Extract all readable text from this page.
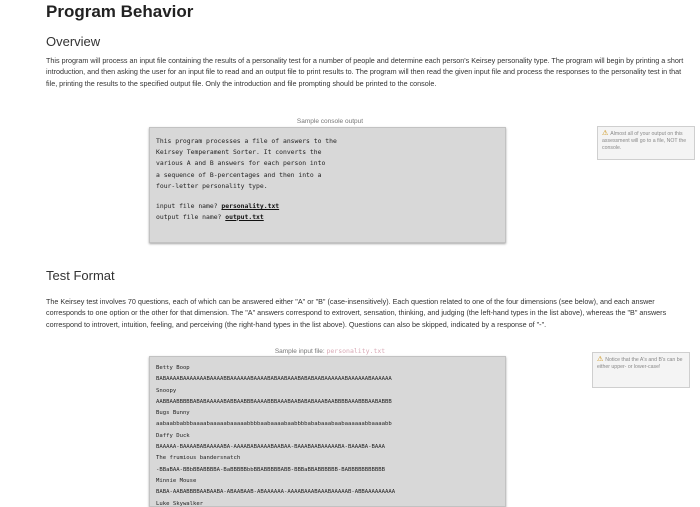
Program Behavior
Overview
This program will process an input file containing the results of a personality test for a number of people and determine each person's Keirsey personality type. The program will begin by printing a short introduction, and then asking the user for an input file to read and an output file to print results to. The program will then read the given input file and process the responses to the personality test in that file, printing the results to the specified output file. Only the introduction and file prompting should be printed to the console.
Sample console output
This program processes a file of answers to the
Keirsey Temperament Sorter. It converts the
various A and B answers for each person into
a sequence of B-percentages and then into a
four-letter personality type.
input file name? personality.txt
output file name? output.txt
⚠ Almost all of your output on this assessment will go to a file, NOT the console.
Test Format
The Keirsey test involves 70 questions, each of which can be answered either "A" or "B" (case-insensitively). Each question related to one of the four dimensions (see below), and each answer corresponds to one option or the other for that dimension. The "A" answers correspond to extrovert, sensation, thinking, and judging (the left-hand types in the list above), whereas the "B" answers correspond to introvert, intuition, feeling, and perceiving (the right-hand types in the list above). Questions can also be skipped, indicated by a response of "-".
Sample input file: personality.txt
Betty Boop
BABAAAABAAAAAAABAAAABBAAAAAABAAAABABAABAAABABABAABAAAAAABAAAAAABAAAAAA
Snoopy
AABBAABBBBBABABAAAAABABBAABBBAAAABBBAAABAABABABAAABAABBBBAAABBBAABABBB
Bugs Bunny
aabaabbabbbaaaabaaaaabaaaaabbbbaabaaaabaabbbbababaaabaabaaaaaabbaaaabb
Daffy Duck
BAAAAA-BAAAABABAAAAABA-AAAABABAAAABAABAA-BAAABAABAAAAABA-BAAABA-BAAA
The frumious bandersnatch
-BBaBAA-BBbBBABBBBA-BaBBBBBbbBBABBBBBABB-BBBaBBABBBBBB-BABBBBBBBBBBB
Minnie Mouse
BABA-AABABBBBAABAABA-ABAABAAB-ABAAAAAA-AAAABAAABAAABAAAAAB-ABBAAAAAAAAA
Luke Skywalker
⚠ Notice that the A's and B's can be either upper- or lower-case!
